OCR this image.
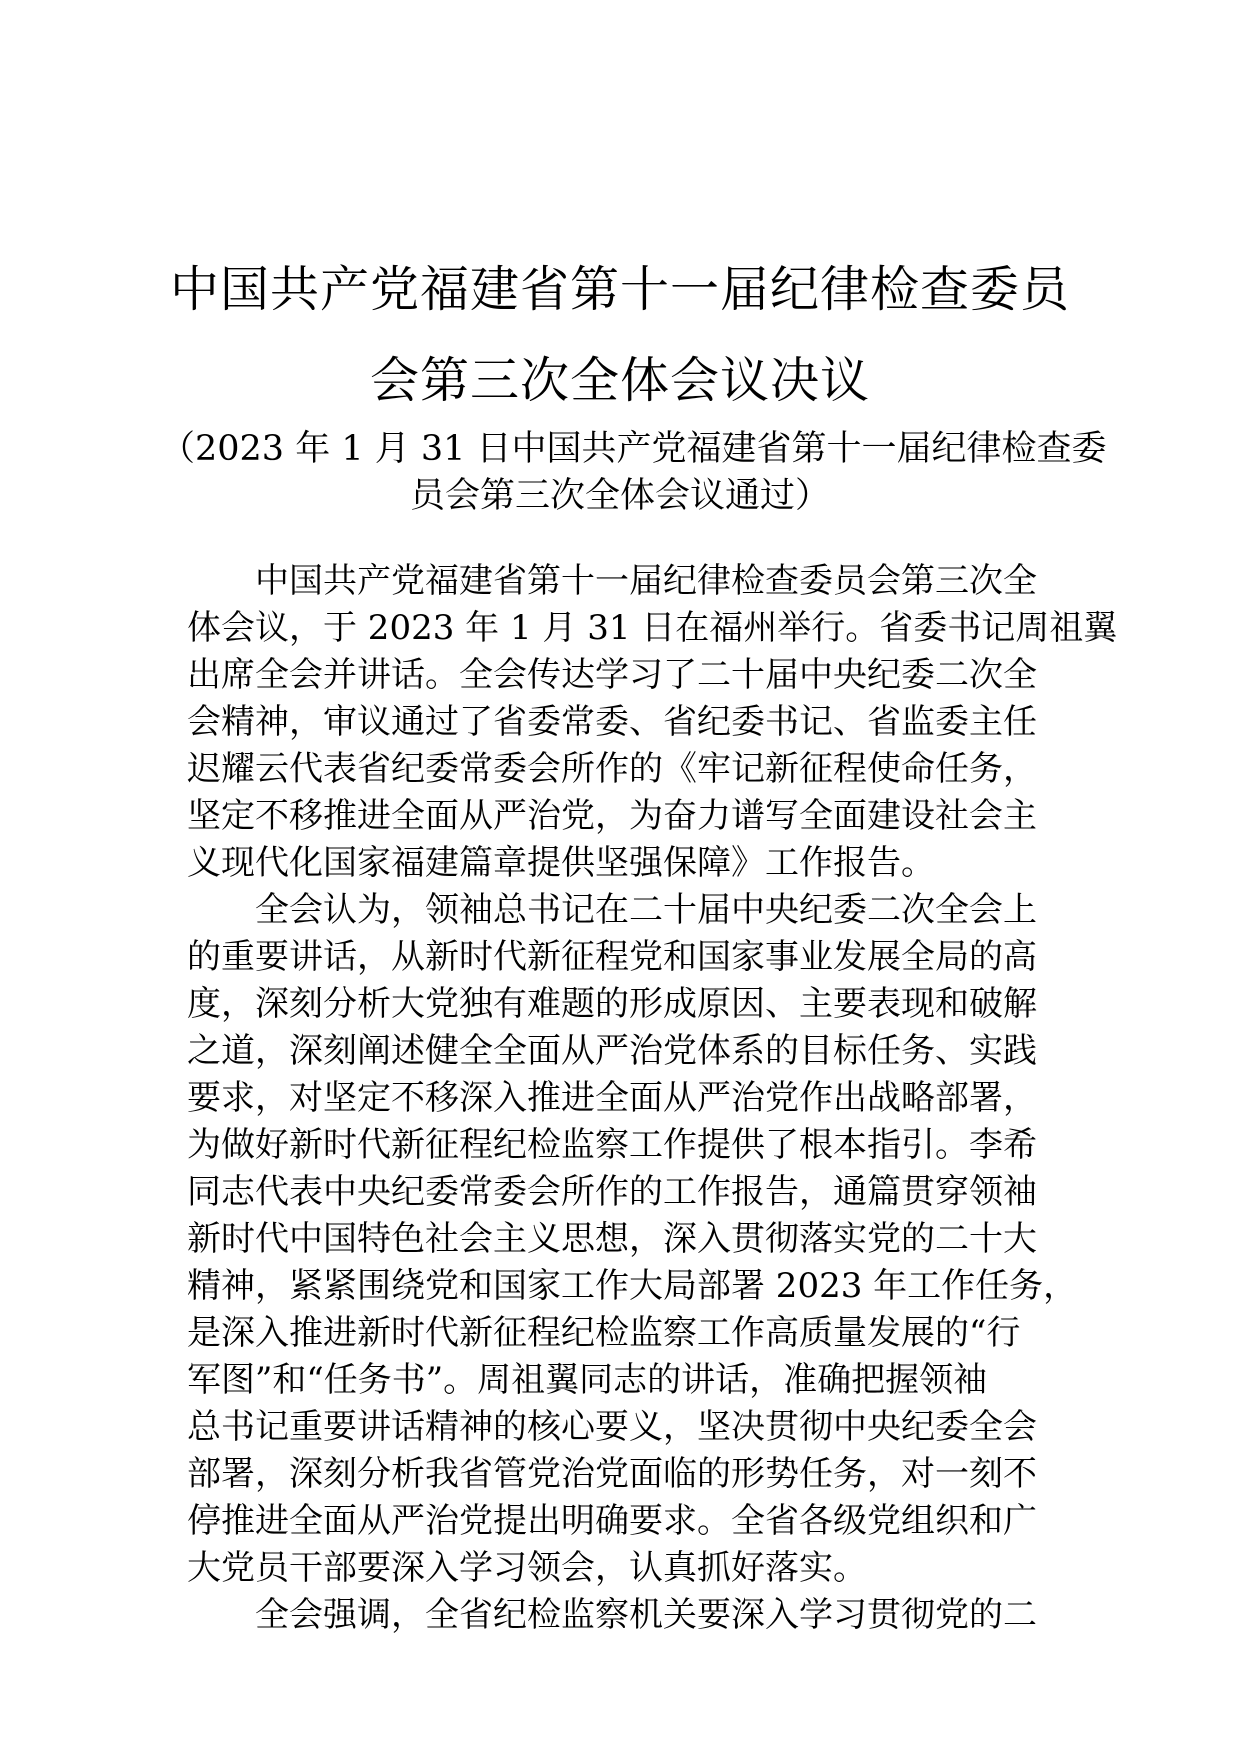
中国共产党福建省第十一届纪律检查委员
会第三次全体会议决议
（2023 年 1 月 31 日中国共产党福建省第十一届纪律检查委
员会第三次全体会议通过）
中国共产党福建省第十一届纪律检查委员会第三次全
体会议，于 2023 年 1 月 31 日在福州举行。省委书记周祖翼
出席全会并讲话。全会传达学习了二十届中央纪委二次全
会精神，审议通过了省委常委、省纪委书记、省监委主任
迟耀云代表省纪委常委会所作的《牢记新征程使命任务，
坚定不移推进全面从严治党，为奋力谱写全面建设社会主
义现代化国家福建篇章提供坚强保障》工作报告。
全会认为，领袖总书记在二十届中央纪委二次全会上
的重要讲话，从新时代新征程党和国家事业发展全局的高
度，深刻分析大党独有难题的形成原因、主要表现和破解
之道，深刻阐述健全全面从严治党体系的目标任务、实践
要求，对坚定不移深入推进全面从严治党作出战略部署，
为做好新时代新征程纪检监察工作提供了根本指引。李希
同志代表中央纪委常委会所作的工作报告，通篇贯穿领袖
新时代中国特色社会主义思想，深入贯彻落实党的二十大
精神，紧紧围绕党和国家工作大局部署 2023 年工作任务，
是深入推进新时代新征程纪检监察工作高质量发展的“行
军图”和“任务书”。周祖翼同志的讲话，准确把握领袖
总书记重要讲话精神的核心要义，坚决贯彻中央纪委全会
部署，深刻分析我省管党治党面临的形势任务，对一刻不
停推进全面从严治党提出明确要求。全省各级党组织和广
大党员干部要深入学习领会，认真抓好落实。
全会强调，全省纪检监察机关要深入学习贯彻党的二
